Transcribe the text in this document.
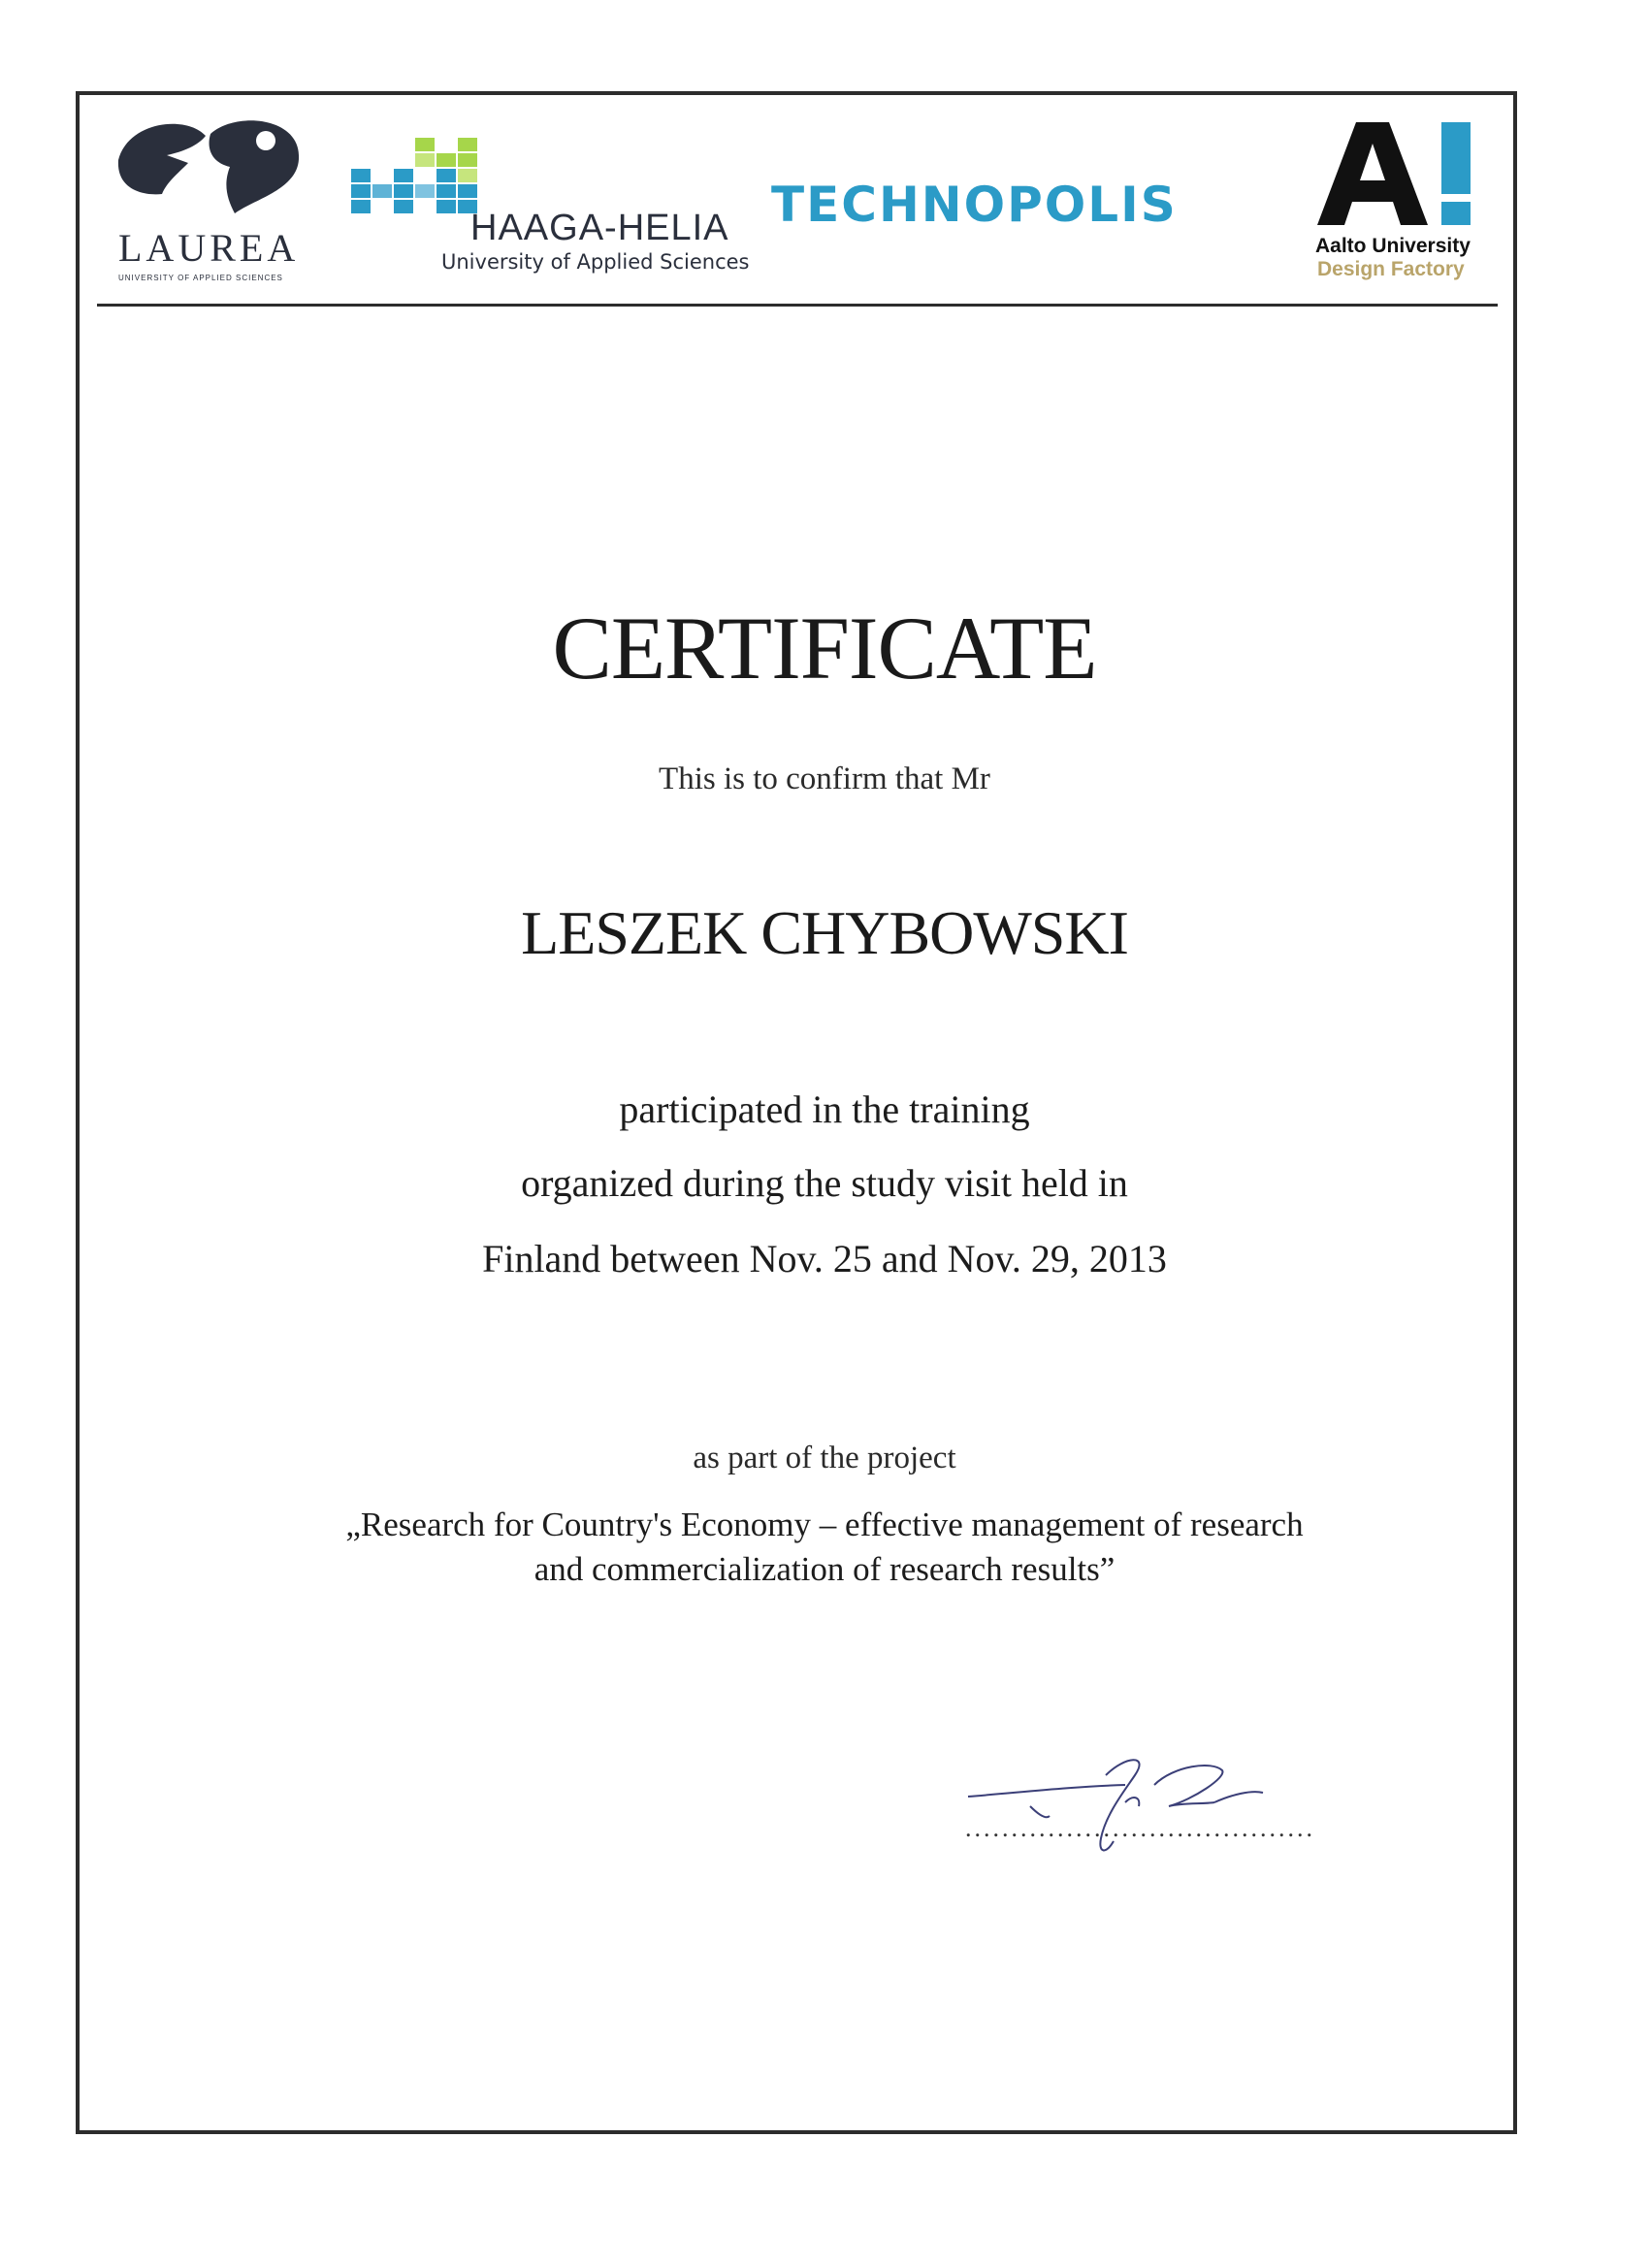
LAUREA
UNIVERSITY OF APPLIED SCIENCES
HAAGA-HELIA
University of Applied Sciences
TECHNOPOLIS
Aalto University
Design Factory
CERTIFICATE

This is to confirm that Mr

LESZEK CHYBOWSKI

participated in the training

organized during the study visit held in

Finland between Nov. 25 and Nov. 29, 2013

as part of the project

„Research for Country's Economy – effective management of research

and commercialization of research results”

......................................
